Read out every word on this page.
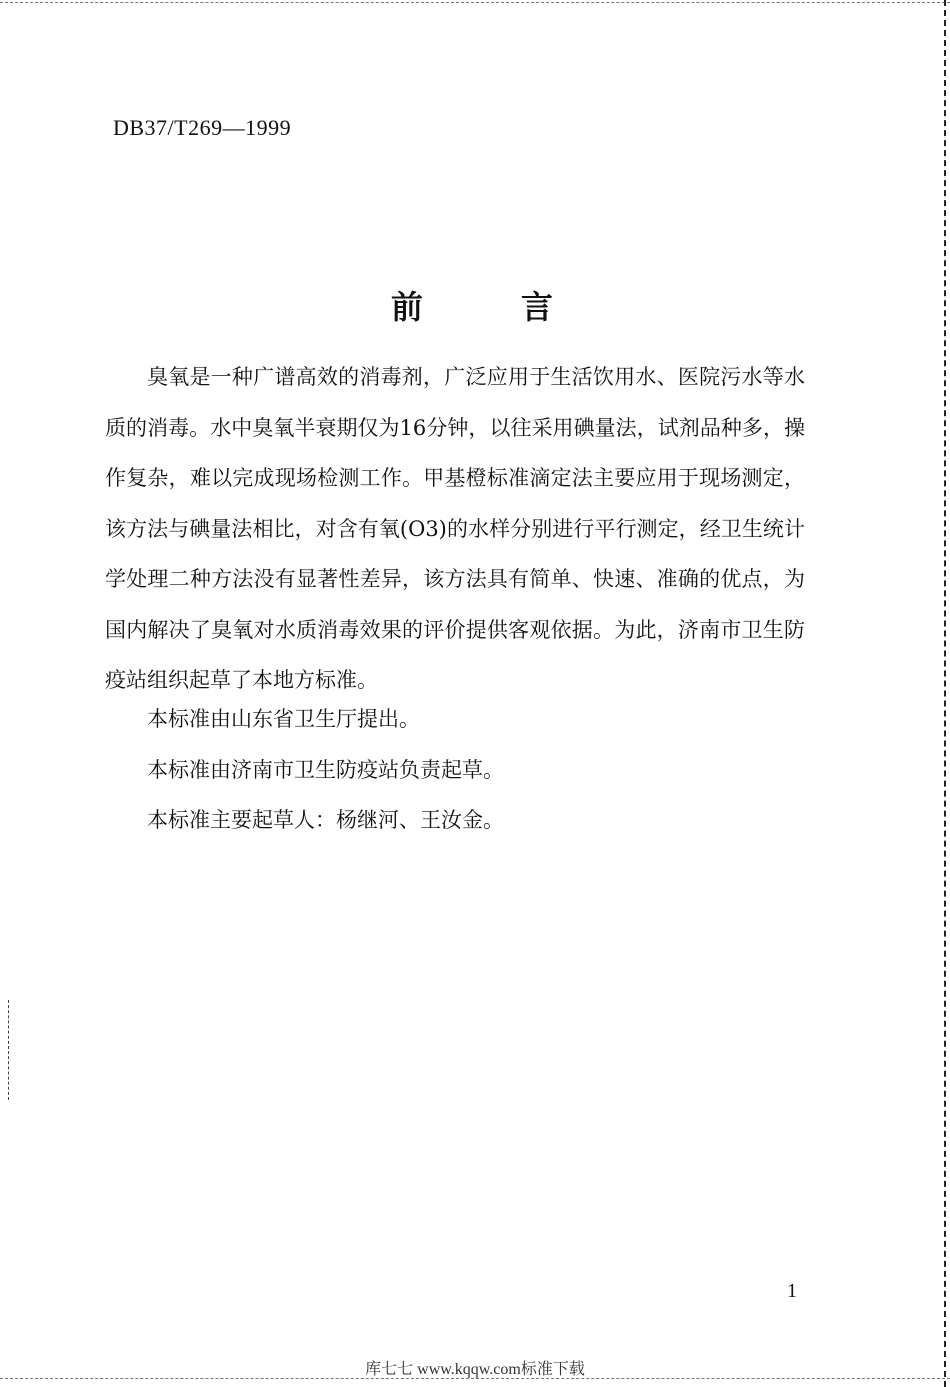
DB37/T269—1999
前	言
臭氧是一种广谱高效的消毒剂，广泛应用于生活饮用水、医院污水等水质的消毒。水中臭氧半衰期仅为16分钟，以往采用碘量法，试剂品种多，操作复杂，难以完成现场检测工作。甲基橙标准滴定法主要应用于现场测定，该方法与碘量法相比，对含有氧(O3)的水样分别进行平行测定，经卫生统计学处理二种方法没有显著性差异，该方法具有简单、快速、准确的优点，为国内解决了臭氧对水质消毒效果的评价提供客观依据。为此，济南市卫生防疫站组织起草了本地方标准。
本标准由山东省卫生厅提出。
本标准由济南市卫生防疫站负责起草。
本标准主要起草人：杨继河、王汝金。
1
库七七 www.kqqw.com标准下载
